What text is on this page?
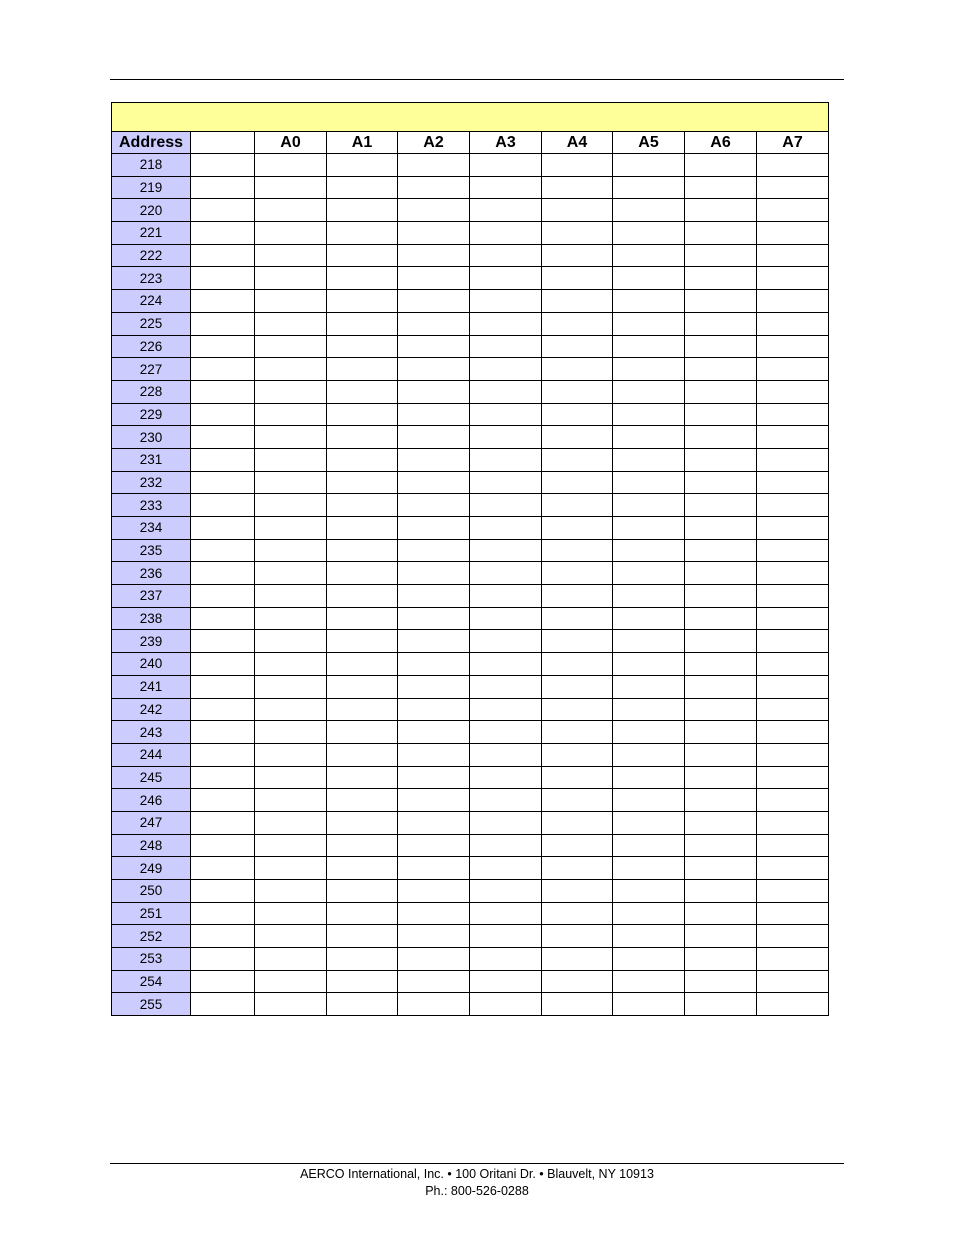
Address		A0	A1	A2	A3	A4	A5	A6	A7
218									
219									
220									
221									
222									
223									
224									
225									
226									
227									
228									
229									
230									
231									
232									
233									
234									
235									
236									
237									
238									
239									
240									
241									
242									
243									
244									
245									
246									
247									
248									
249									
250									
251									
252									
253									
254									
255									
AERCO International, Inc. • 100 Oritani Dr. • Blauvelt, NY 10913
Ph.: 800-526-0288
